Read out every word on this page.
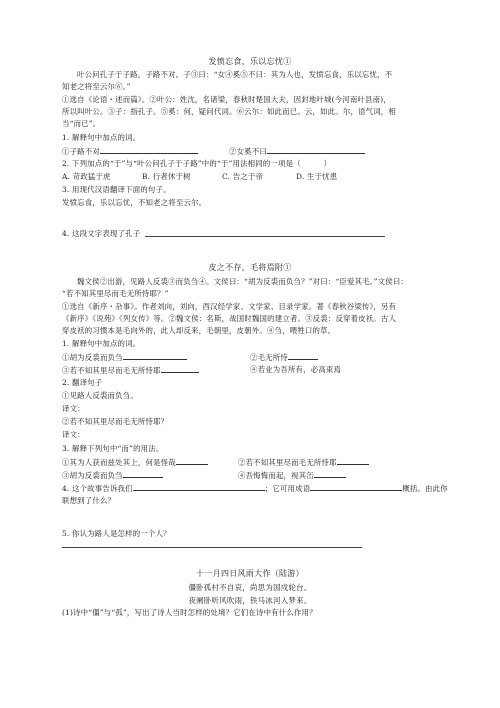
发愤忘食，乐以忘忧①
叶公问孔子于子路，子路不对。子③曰：“女④奚⑤不曰：其为人也，发愤忘食，乐以忘忧，不
知老之将至云尔⑥。”
①选自《论语・述而篇》。②叶公：姓沈，名诸梁，春秋时楚国大夫，因封地叶城(今河南叶县南)，
所以叫叶公。③子：指孔子。⑤奚：何，疑问代词。⑥云尔：如此而已。云，如此。尔，语气词，相
当“而已”。
1. 解释句中加点的词。
①子路不对	②女奚不曰
2. 下列加点的“于”与“叶公问孔子于子路”中的“于”用法相同的一项是（　　　）
A. 苛政猛于虎	B. 行者休于树	C. 告之于帝	D. 生于忧患
3. 用现代汉语翻译下面的句子。
发愤忘食，乐以忘忧，不知老之将至云尔。
4. 这段文字表现了孔子
皮之不存，毛将焉附①
魏文侯②出游，见路人反裘③而负刍④。文侯曰：“胡为反裘而负刍？”对曰：“臣爱其毛。”文侯曰：
“若不知其里尽而毛无所恃耶？”
①选自《新序・杂事》。作者刘向，刘向，西汉经学家、文学家、目录学家。著《春秋谷梁传》，另有
《新序》《说苑》《列女传》等。②魏文侯：名斯，战国时魏国的建立者。③反裘：反穿着皮袄。古人
穿皮袄的习惯本是毛向外的，此人却反来，毛朝里，皮朝外。④刍，喂牲口的草。
1. 解释句中加点的词。
①胡为反裘而负刍	②毛无所恃
③若不知其里尽而毛无所恃耶	④若业为吾所有，必高束焉
2. 翻译句子
①见路人反裘而负刍。
译文：
②若不知其里尽而毛无所恃耶？
译文：
3. 解释下列句中“而”的用法。
①其为人获而兹处其上，何是怪哉	②若不知其里尽而毛无所恃耶
③胡为反裘而负刍	④吾悔悔而起，视其缶
4. 这个故事告诉我们	；它可用成语	概括。由此你
联想到了什么？
5. 你认为路人是怎样的一个人？
十一月四日风雨大作（陆游）
僵卧孤村不自哀，尚思为国戍轮台。
夜阑卧听风吹雨，铁马冰河入梦来。
(1)诗中“僵”与“孤”，写出了诗人当时怎样的处境？它们在诗中有什么作用？
